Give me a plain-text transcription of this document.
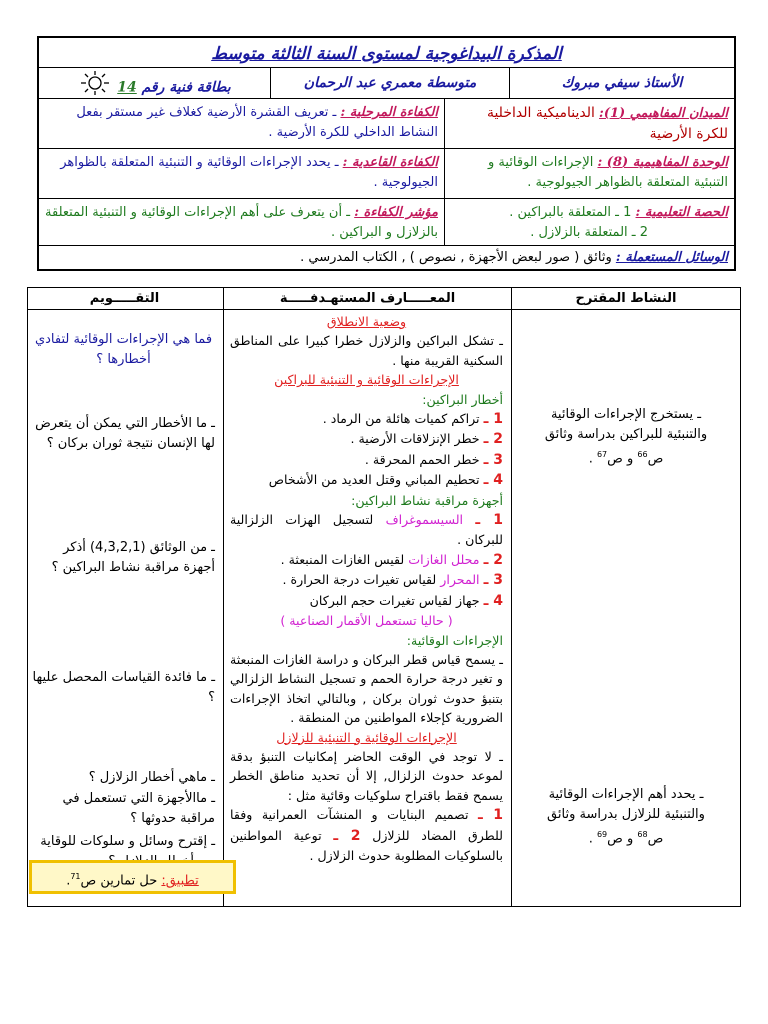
المذكرة البيداغوجية لمستوى السنة الثالثة متوسط
الأستاذ سيفي مبروك
متوسطة معمري عبد الرحمان
بطاقة فنية رقم 14
الميدان المفاهيمي (1): الديناميكية الداخلية للكرة الأرضية
الكفاءة المرحلية : ـ تعريف القشرة الأرضية كغلاف غير مستقر بفعل النشاط الداخلي للكرة الأرضية .
الوحدة المفاهيمية (8) : الإجراءات الوقائية و التنبئية المتعلقة بالظواهر الجيولوجية .
الكفاءة القاعدية : ـ يحدد الإجراءات الوقائية و التنبئية المتعلقة بالظواهر الجيولوجية .
الحصة التعليمية : 1 ـ المتعلقة بالبراكين .
2 ـ المتعلقة بالزلازل .
مؤشر الكفاءة : ـ أن يتعرف على أهم الإجراءات الوقائية و التنبئية المتعلقة بالزلازل و البراكين .
الوسائل المستعملة : وثائق ( صور لبعض الأجهزة , نصوص ) , الكتاب المدرسي .
النشاط المقترح
المعـــــارف المستهـدفـــــة
التقـــــويم

ـ يستخرج الإجراءات الوقائية

والتنبئية للبراكين بدراسة وثائق

ص$^{66}$ و ص$^{67}$ .

ـ يحدد أهم الإجراءات الوقائية

والتنبئية للزلازل بدراسة وثائق

ص$^{68}$ و ص$^{69}$ .

وضعية الانطلاق

ـ تشكل البراكين والزلازل خطرا كبيرا على المناطق السكنية القريبة منها .

الإجراءات الوقائية و التنبئية للبراكين

أخطار البراكين:

1 ـ تراكم كميات هائلة من الرماد .

2 ـ خطر الإنزلاقات الأرضية .

3 ـ خطر الحمم المحرقة .

4 ـ تحطيم المباني وقتل العديد من الأشخاص

أجهزة مراقبة نشاط البراكين:

1 ـ السيسموغراف لتسجيل الهزات الزلزالية للبركان .

2 ـ محلل الغازات لقيس الغازات المنبعثة .

3 ـ المحرار لقياس تغيرات درجة الحرارة .

4 ـ جهاز لقياس تغيرات حجم البركان

( حاليا تستعمل الأقمار الصناعية )

الإجراءات الوقائية:

ـ يسمح قياس قطر البركان و دراسة الغازات المنبعثة و تغير درجة حرارة الحمم و تسجيل النشاط الزلزالي بتنبؤ حدوث ثوران بركان , وبالتالي اتخاذ الإجراءات الضرورية كإجلاء المواطنين من المنطقة .

الإجراءات الوقائية و التنبئية للزلازل

ـ لا توجد في الوقت الحاضر إمكانيات التنبؤ بدقة لموعد حدوث الزلزال, إلا أن تحديد مناطق الخطر يسمح فقط باقتراح سلوكيات وقائية مثل :

1 ـ تصميم البنايات و المنشآت العمرانية وفقا للطرق المضاد للزلازل 2 ـ توعية المواطنين بالسلوكيات المطلوبة حدوث الزلازل .

فما هي الإجراءات الوقائية لتفادي أخطارها ؟

ـ ما الأخطار التي يمكن أن يتعرض لها الإنسان نتيجة ثوران بركان ؟

ـ من الوثائق (4,3,2,1) أذكر أجهزة مراقبة نشاط البراكين ؟

ـ ما فائدة القياسات المحصل عليها ؟

ـ ماهي أخطار الزلازل ؟

ـ ماالأجهزة التي تستعمل في مراقبة حدوثها ؟

ـ إقترح وسائل و سلوكات للوقاية

تطبيق: حل تمارين ص$^{71}$.
